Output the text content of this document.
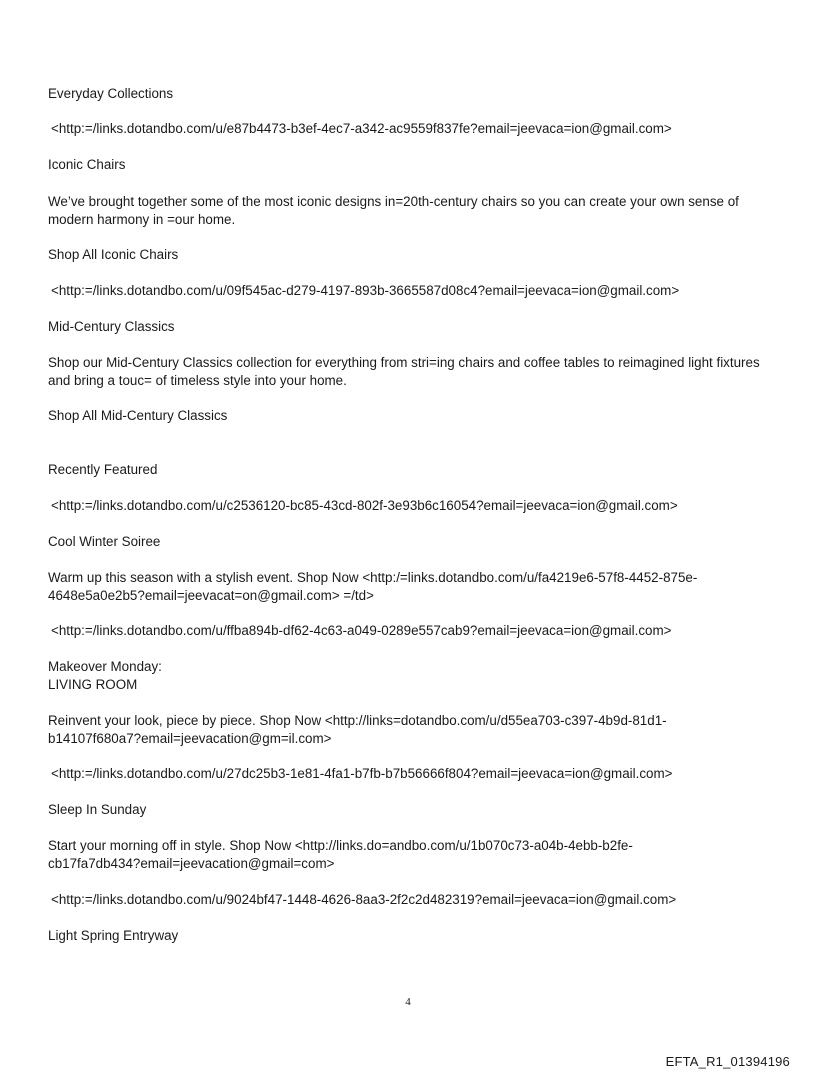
Everyday Collections
<http:=/links.dotandbo.com/u/e87b4473-b3ef-4ec7-a342-ac9559f837fe?email=jeevaca=ion@gmail.com>
Iconic Chairs
We’ve brought together some of the most iconic designs in=20th-century chairs so you can create your own sense of
modern harmony in =our home.
Shop All Iconic Chairs
<http:=/links.dotandbo.com/u/09f545ac-d279-4197-893b-3665587d08c4?email=jeevaca=ion@gmail.com>
Mid-Century Classics
Shop our Mid-Century Classics collection for everything from stri=ing chairs and coffee tables to reimagined light fixtures
and bring a touc= of timeless style into your home.
Shop All Mid-Century Classics
Recently Featured
<http:=/links.dotandbo.com/u/c2536120-bc85-43cd-802f-3e93b6c16054?email=jeevaca=ion@gmail.com>
Cool Winter Soiree
Warm up this season with a stylish event. Shop Now <http:/=links.dotandbo.com/u/fa4219e6-57f8-4452-875e-
4648e5a0e2b5?email=jeevacat=on@gmail.com> =/td>
<http:=/links.dotandbo.com/u/ffba894b-df62-4c63-a049-0289e557cab9?email=jeevaca=ion@gmail.com>
Makeover Monday:
LIVING ROOM
Reinvent your look, piece by piece. Shop Now <http://links=dotandbo.com/u/d55ea703-c397-4b9d-81d1-
b14107f680a7?email=jeevacation@gm=il.com>
<http:=/links.dotandbo.com/u/27dc25b3-1e81-4fa1-b7fb-b7b56666f804?email=jeevaca=ion@gmail.com>
Sleep In Sunday
Start your morning off in style. Shop Now <http://links.do=andbo.com/u/1b070c73-a04b-4ebb-b2fe-
cb17fa7db434?email=jeevacation@gmail=com>
<http:=/links.dotandbo.com/u/9024bf47-1448-4626-8aa3-2f2c2d482319?email=jeevaca=ion@gmail.com>
Light Spring Entryway
4
EFTA_R1_01394196
